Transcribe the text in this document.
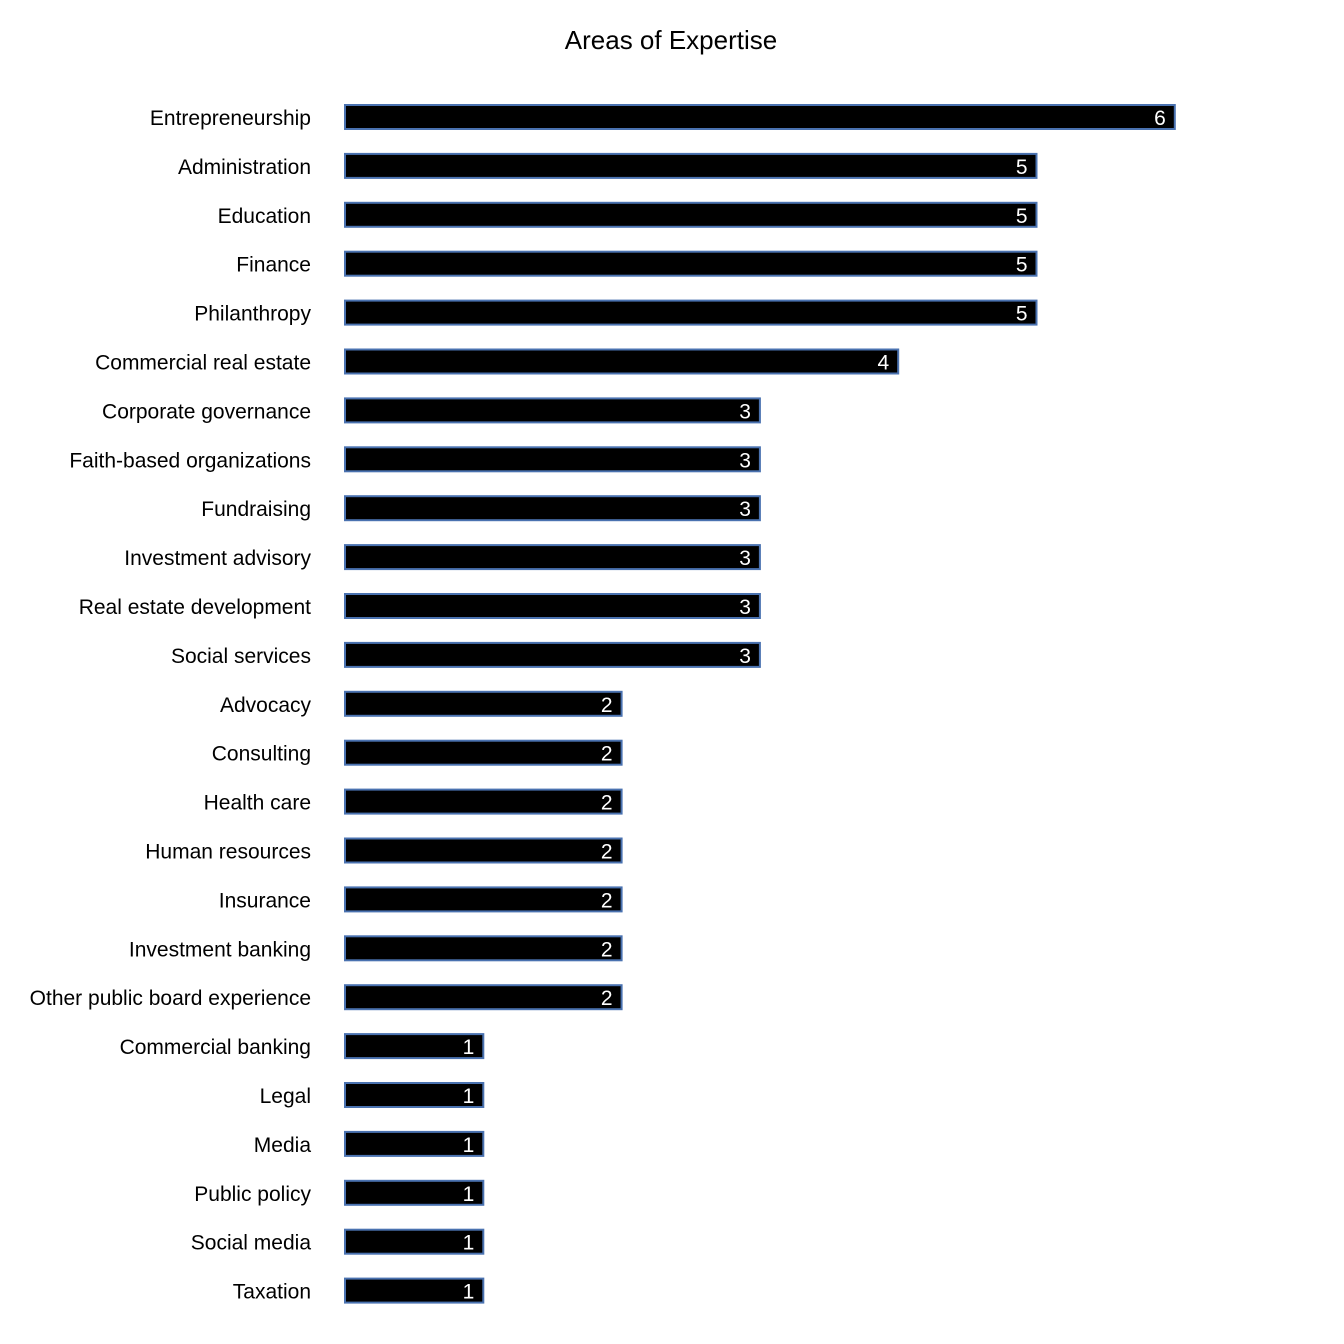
Areas of Expertise
Entrepreneurship	6
Administration	5
Education	5
Finance	5
Philanthropy	5
Commercial real estate	4
Corporate governance	3
Faith-based organizations	3
Fundraising	3
Investment advisory	3
Real estate development	3
Social services	3
Advocacy	2
Consulting	2
Health care	2
Human resources	2
Insurance	2
Investment banking	2
Other public board experience	2
Commercial banking	1
Legal	1
Media	1
Public policy	1
Social media	1
Taxation	1
